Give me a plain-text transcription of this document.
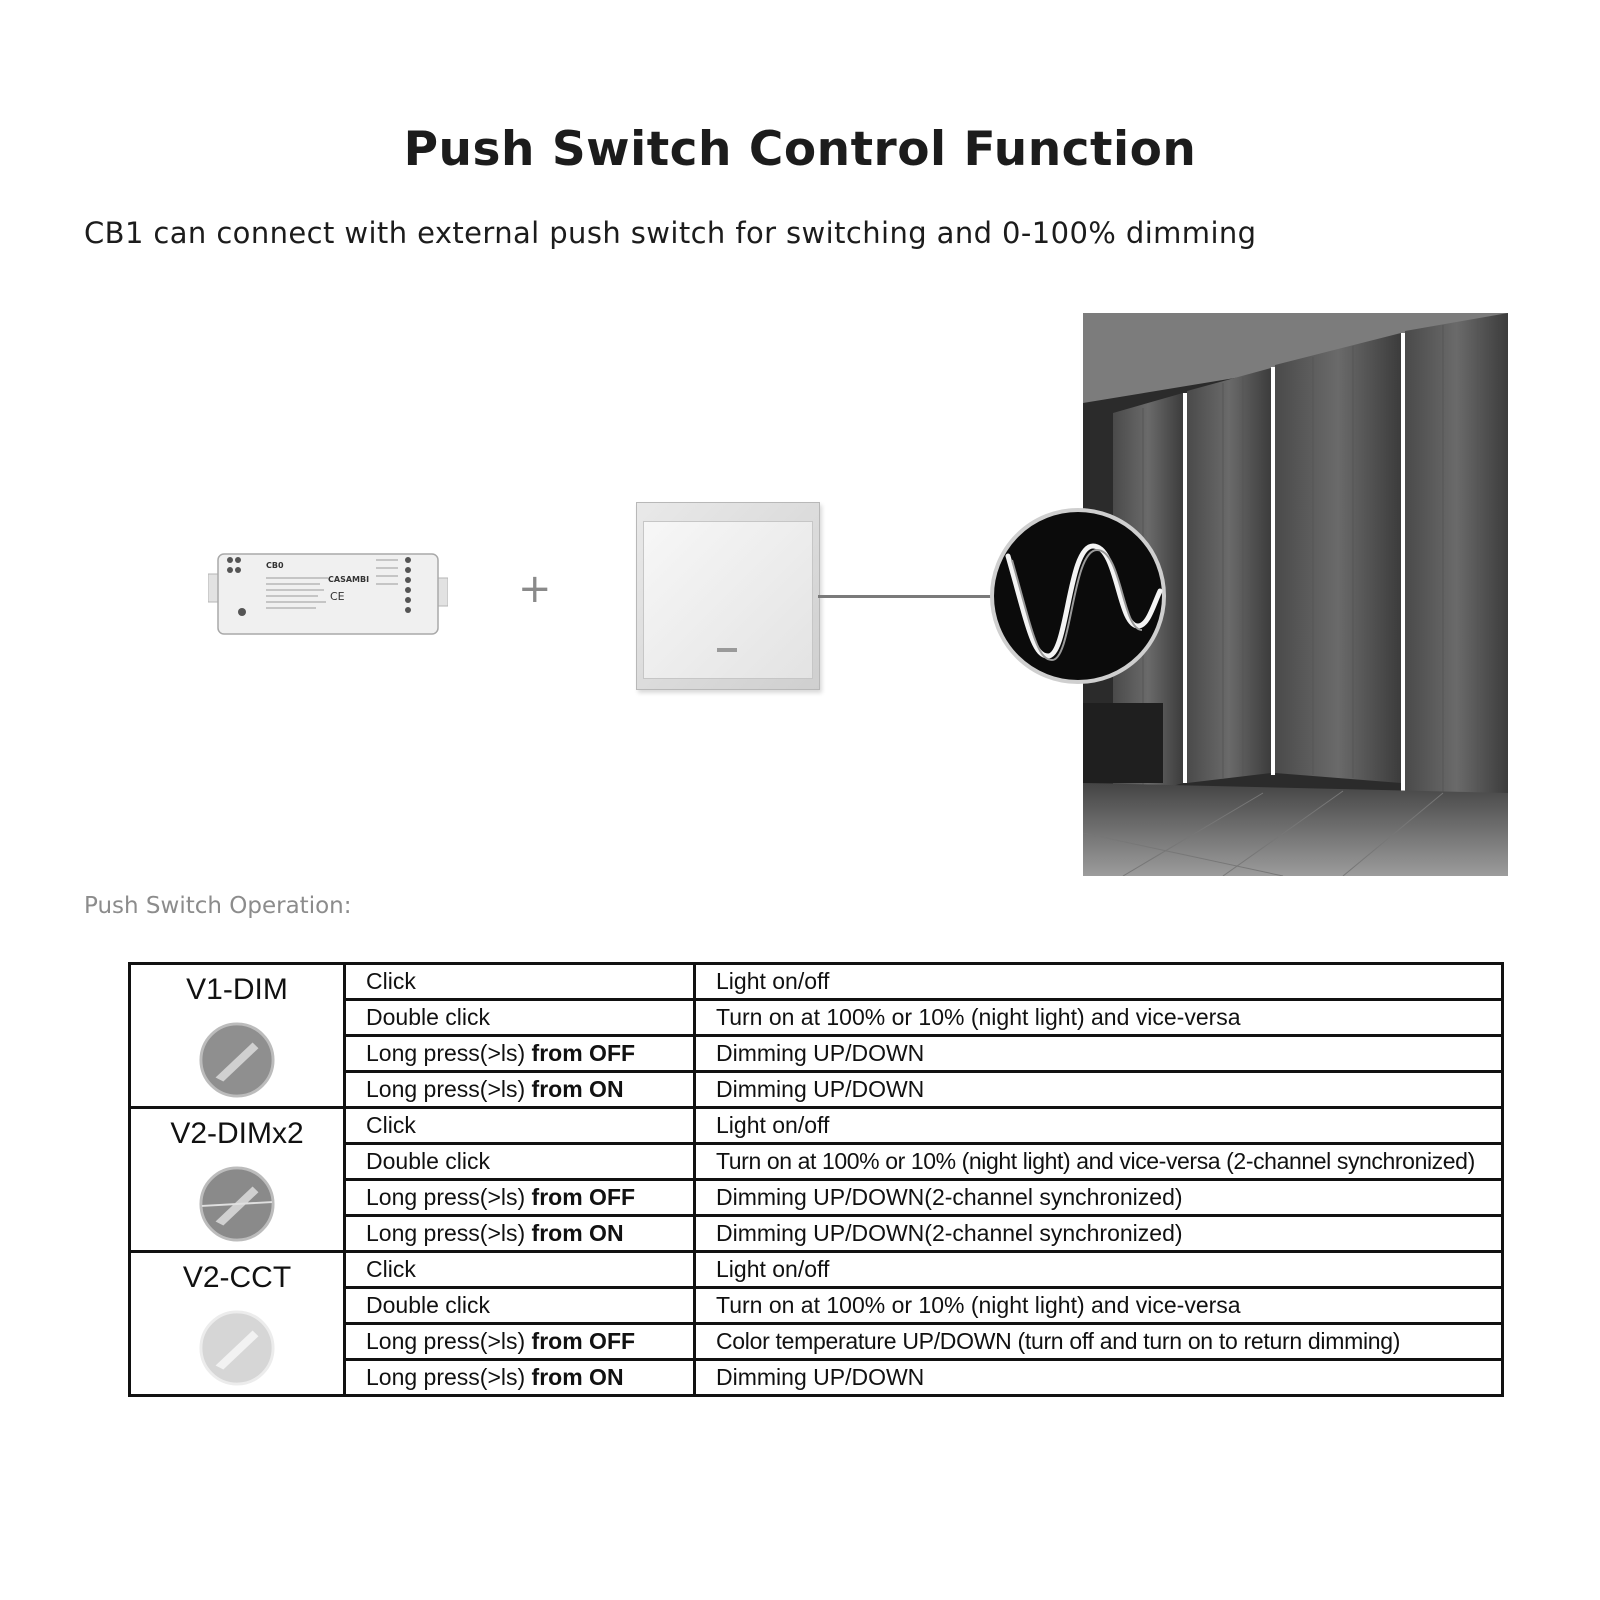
Push Switch Control Function
CB1 can connect with external push switch for switching and 0-100% dimming
CB0
CASAMBI
CE	+
Push Switch Operation:
V1-DIM	Click	Light on/off
	Double click	Turn on at 100% or 10% (night light) and vice-versa
	Long press(>ls) from OFF	Dimming UP/DOWN
	Long press(>ls) from ON	Dimming UP/DOWN

V2-DIMx2	Click	Light on/off
	Double click	Turn on at 100% or 10% (night light) and vice-versa (2-channel synchronized)
	Long press(>ls) from OFF	Dimming UP/DOWN(2-channel synchronized)
	Long press(>ls) from ON	Dimming UP/DOWN(2-channel synchronized)

V2-CCT	Click	Light on/off
	Double click	Turn on at 100% or 10% (night light) and vice-versa
	Long press(>ls) from OFF	Color temperature UP/DOWN (turn off and turn on to return dimming)
	Long press(>ls) from ON	Dimming UP/DOWN
